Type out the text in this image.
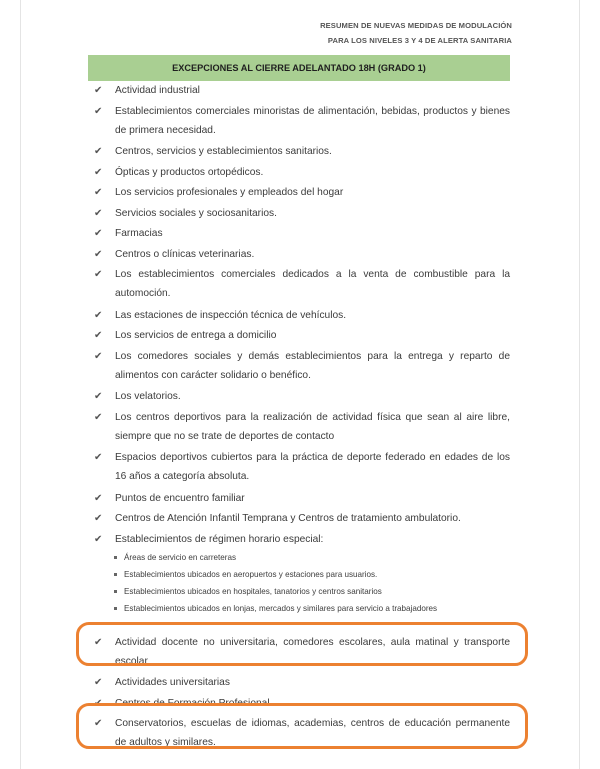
RESUMEN DE NUEVAS MEDIDAS DE MODULACIÓN
PARA LOS NIVELES 3 Y 4 DE ALERTA SANITARIA
EXCEPCIONES AL CIERRE ADELANTADO 18H (GRADO 1)
✔ Actividad industrial
✔ Establecimientos comerciales minoristas de alimentación, bebidas, productos y bienes de primera necesidad.
✔ Centros, servicios y establecimientos sanitarios.
✔ Ópticas y productos ortopédicos.
✔ Los servicios profesionales y empleados del hogar
✔ Servicios sociales y sociosanitarios.
✔ Farmacias
✔ Centros o clínicas veterinarias.
✔ Los establecimientos comerciales dedicados a la venta de combustible para la automoción.
✔ Las estaciones de inspección técnica de vehículos.
✔ Los servicios de entrega a domicilio
✔ Los comedores sociales y demás establecimientos para la entrega y reparto de alimentos con carácter solidario o benéfico.
✔ Los velatorios.
✔ Los centros deportivos para la realización de actividad física que sean al aire libre, siempre que no se trate de deportes de contacto
✔ Espacios deportivos cubiertos para la práctica de deporte federado en edades de los 16 años a categoría absoluta.
✔ Puntos de encuentro familiar
✔ Centros de Atención Infantil Temprana y Centros de tratamiento ambulatorio.
✔ Establecimientos de régimen horario especial:
Áreas de servicio en carreteras
Establecimientos ubicados en aeropuertos y estaciones para usuarios.
Establecimientos ubicados en hospitales, tanatorios y centros sanitarios
Establecimientos ubicados en lonjas, mercados y similares para servicio a trabajadores
✔ Actividad docente no universitaria, comedores escolares, aula matinal y transporte escolar
✔ Actividades universitarias
✔ Centros de Formación Profesional
✔ Conservatorios, escuelas de idiomas, academias, centros de educación permanente de adultos y similares.
